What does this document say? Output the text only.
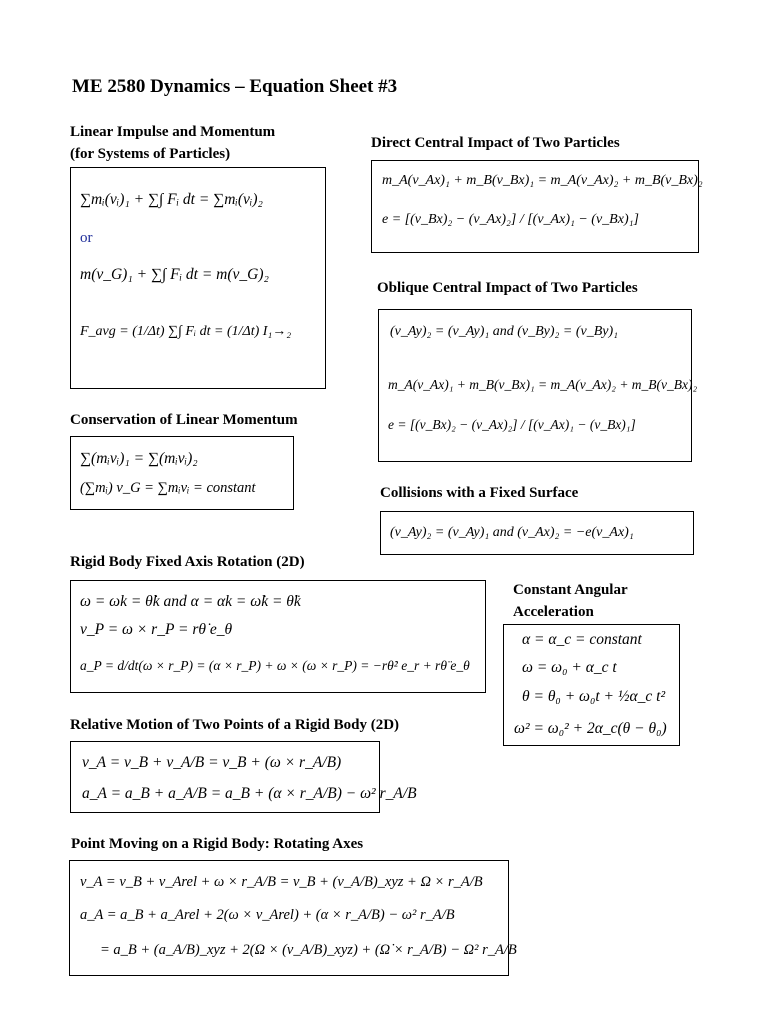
ME 2580 Dynamics – Equation Sheet #3
Linear Impulse and Momentum
(for Systems of Particles)
∑mᵢ(vᵢ)₁ + ∑∫ Fᵢ dt = ∑mᵢ(vᵢ)₂
or
m(v_G)₁ + ∑∫ Fᵢ dt = m(v_G)₂
F_avg = (1/Δt) ∑∫ Fᵢ dt = (1/Δt) I₁→₂
Conservation of Linear Momentum
∑(mᵢvᵢ)₁ = ∑(mᵢvᵢ)₂
(∑mᵢ) v_G = ∑mᵢvᵢ = constant
Direct Central Impact of Two Particles
m_A(v_Ax)₁ + m_B(v_Bx)₁ = m_A(v_Ax)₂ + m_B(v_Bx)₂
e = [(v_Bx)₂ − (v_Ax)₂] / [(v_Ax)₁ − (v_Bx)₁]
Oblique Central Impact of Two Particles
(v_Ay)₂ = (v_Ay)₁ and (v_By)₂ = (v_By)₁
m_A(v_Ax)₁ + m_B(v_Bx)₁ = m_A(v_Ax)₂ + m_B(v_Bx)₂
e = [(v_Bx)₂ − (v_Ax)₂] / [(v_Ax)₁ − (v_Bx)₁]
Collisions with a Fixed Surface
(v_Ay)₂ = (v_Ay)₁ and (v_Ax)₂ = −e(v_Ax)₁
Rigid Body Fixed Axis Rotation (2D)
ω = ωk = θ̇k and α = αk = ω̇k = θ̈k
v_P = ω × r_P = rθ̇ e_θ
a_P = d/dt(ω × r_P) = (α × r_P) + ω × (ω × r_P) = −rθ̇² e_r + rθ̈ e_θ
Constant Angular
Acceleration
α = α_c = constant
ω = ω₀ + α_c t
θ = θ₀ + ω₀t + ½α_c t²
ω² = ω₀² + 2α_c(θ − θ₀)
Relative Motion of Two Points of a Rigid Body (2D)
v_A = v_B + v_A/B = v_B + (ω × r_A/B)
a_A = a_B + a_A/B = a_B + (α × r_A/B) − ω² r_A/B
Point Moving on a Rigid Body: Rotating Axes
v_A = v_B + v_Arel + ω × r_A/B = v_B + (v_A/B)_xyz + Ω × r_A/B
a_A = a_B + a_Arel + 2(ω × v_Arel) + (α × r_A/B) − ω² r_A/B
= a_B + (a_A/B)_xyz + 2(Ω × (v_A/B)_xyz) + (Ω̇ × r_A/B) − Ω² r_A/B
